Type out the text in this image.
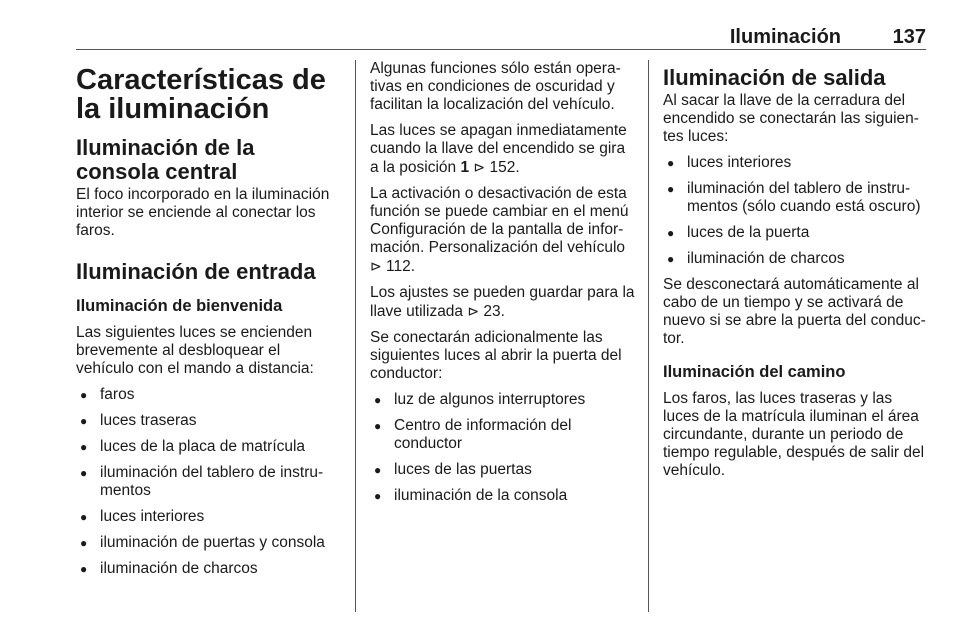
Iluminación	137
Características de la iluminación
Iluminación de la consola central

El foco incorporado en la iluminación interior se enciende al conectar los faros.

Iluminación de entrada
Iluminación de bienvenida

Las siguientes luces se encienden brevemente al desbloquear el vehículo con el mando a distancia:

● faros
● luces traseras
● luces de la placa de matrícula
● iluminación del tablero de instrumentos
● luces interiores
● iluminación de puertas y consola
● iluminación de charcos

Algunas funciones sólo están operativas en condiciones de oscuridad y facilitan la localización del vehículo.

Las luces se apagan inmediatamente cuando la llave del encendido se gira a la posición 1 ⊳ 152.

La activación o desactivación de esta función se puede cambiar en el menú Configuración de la pantalla de información. Personalización del vehículo ⊳ 112.

Los ajustes se pueden guardar para la llave utilizada ⊳ 23.

Se conectarán adicionalmente las siguientes luces al abrir la puerta del conductor:

● luz de algunos interruptores
● Centro de información del conductor
● luces de las puertas
● iluminación de la consola
Iluminación de salida

Al sacar la llave de la cerradura del encendido se conectarán las siguientes luces:

● luces interiores
● iluminación del tablero de instrumentos (sólo cuando está oscuro)
● luces de la puerta
● iluminación de charcos

Se desconectará automáticamente al cabo de un tiempo y se activará de nuevo si se abre la puerta del conductor.

Iluminación del camino

Los faros, las luces traseras y las luces de la matrícula iluminan el área circundante, durante un periodo de tiempo regulable, después de salir del vehículo.
